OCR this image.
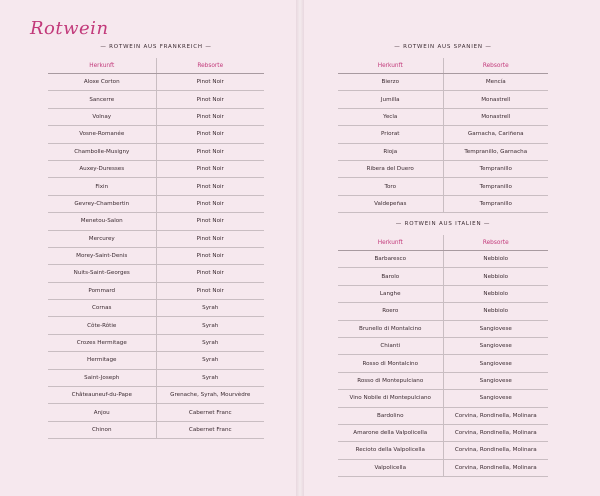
Rotwein
— ROTWEIN AUS FRANKREICH —
Herkunft	Rebsorte
Aloxe Corton	Pinot Noir
Sancerre	Pinot Noir
Volnay	Pinot Noir
Vosne-Romanée	Pinot Noir
Chambolle-Musigny	Pinot Noir
Auxey-Duresses	Pinot Noir
Fixin	Pinot Noir
Gevrey-Chambertin	Pinot Noir
Menetou-Salon	Pinot Noir
Mercurey	Pinot Noir
Morey-Saint-Denis	Pinot Noir
Nuits-Saint-Georges	Pinot Noir
Pommard	Pinot Noir
Cornas	Syrah
Côte-Rôtie	Syrah
Crozes Hermitage	Syrah
Hermitage	Syrah
Saint-Joseph	Syrah
Châteauneuf-du-Pape	Grenache, Syrah, Mourvèdre
Anjou	Cabernet Franc
Chinon	Cabernet Franc
— ROTWEIN AUS SPANIEN —
Herkunft	Rebsorte
Bierzo	Mencía
Jumilla	Monastrell
Yecla	Monastrell
Priorat	Garnacha, Cariñena
Rioja	Tempranillo, Garnacha
Ribera del Duero	Tempranillo
Toro	Tempranillo
Valdepeñas	Tempranillo
— ROTWEIN AUS ITALIEN —
Herkunft	Rebsorte
Barbaresco	Nebbiolo
Barolo	Nebbiolo
Langhe	Nebbiolo
Roero	Nebbiolo
Brunello di Montalcino	Sangiovese
Chianti	Sangiovese
Rosso di Montalcino	Sangiovese
Rosso di Montepulciano	Sangiovese
Vino Nobile di Montepulciano	Sangiovese
Bardolino	Corvina, Rondinella, Molinara
Amarone della Valpolicella	Corvina, Rondinella, Molinara
Recioto della Valpolicella	Corvina, Rondinella, Molinara
Valpolicella	Corvina, Rondinella, Molinara
